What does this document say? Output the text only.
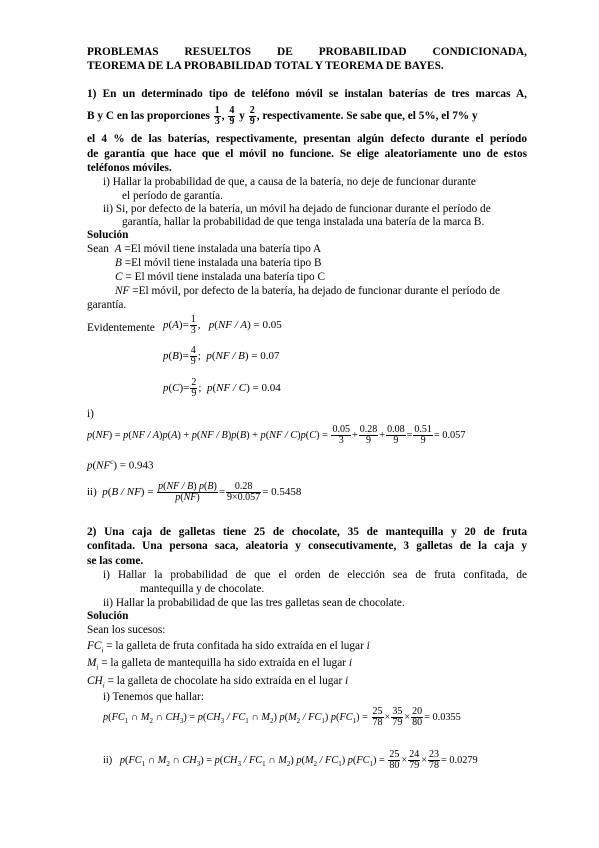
PROBLEMAS RESUELTOS DE PROBABILIDAD CONDICIONADA,
TEOREMA DE LA PROBABILIDAD TOTAL Y TEOREMA DE BAYES.
1) En un determinado tipo de teléfono móvil se instalan baterías de tres marcas A,
B y C en las proporciones $\frac{1}{3}$ , $\frac{4}{9}$ y $\frac{2}{9}$ , respectivamente. Se sabe que, el 5%, el 7% y
el 4 % de las baterías, respectivamente, presentan algún defecto durante el período
de garantía que hace que el móvil no funcione. Se elige aleatoriamente uno de estos
teléfonos móviles.
i) Hallar la probabilidad de que, a causa de la batería, no deje de funcionar durante
el período de garantía.
ii) Si, por defecto de la batería, un móvil ha dejado de funcionar durante el período de
garantía, hallar la probabilidad de que tenga instalada una batería de la marca B.
Solución
Sean A =El móvil tiene instalada una batería tipo A
B =El móvil tiene instalada una batería tipo B
C = El móvil tiene instalada una batería tipo C
NF =El móvil, por defecto de la batería, ha dejado de funcionar durante el período de
garantía.
Evidentemente $p(A)= \frac{1}{3}$ ,   p(NF / A) = 0.05
$p(B)= \frac{4}{9}$ ;  p(NF / B) = 0.07
$p(C)= \frac{2}{9}$ ;  p(NF / C) = 0.04
i)
$p(NF) = p(NF / A)p(A) + p(NF / B)p(B) + p(NF / C)p(C) = \frac{0.05}{3} + \frac{0.28}{9} + \frac{0.08}{9} = \frac{0.51}{9} = 0.057$
$p(NF^c) = 0.943$
ii)  $p(B / NF) = \frac{p(NF / B) p(B)}{p(NF)} = \frac{0.28}{9\times 0.057} = 0.5458$
2) Una caja de galletas tiene 25 de chocolate, 35 de mantequilla y 20 de fruta
confitada. Una persona saca, aleatoria y consecutivamente, 3 galletas de la caja y
se las come.
i) Hallar la probabilidad de que el orden de elección sea de fruta confitada, de
mantequilla y de chocolate.
ii) Hallar la probabilidad de que las tres galletas sean de chocolate.
Solución
Sean los sucesos:
$FC_i$ = la galleta de fruta confitada ha sido extraída en el lugar i
$M_i$ = la galleta de mantequilla ha sido extraída en el lugar i
$CH_i$ = la galleta de chocolate ha sido extraída en el lugar i
i) Tenemos que hallar:
$p(FC_1$ ∩ $M_2$ ∩ $CH_3) = p(CH_3 / FC_1$ ∩ $M_2$) $p(M_2 / FC_1) p(FC_1) = \frac{25}{78} \times \frac{35}{79} \times \frac{20}{80} = 0.0355$
ii)   $p(FC_1$ ∩ $M_2$ ∩ $CH_3) = p(CH_3 / FC_1$ ∩ $M_2$) $p(M_2 / FC_1) p(FC_1) = \frac{25}{80} \times \frac{24}{79} \times \frac{23}{78} = 0.0279$
